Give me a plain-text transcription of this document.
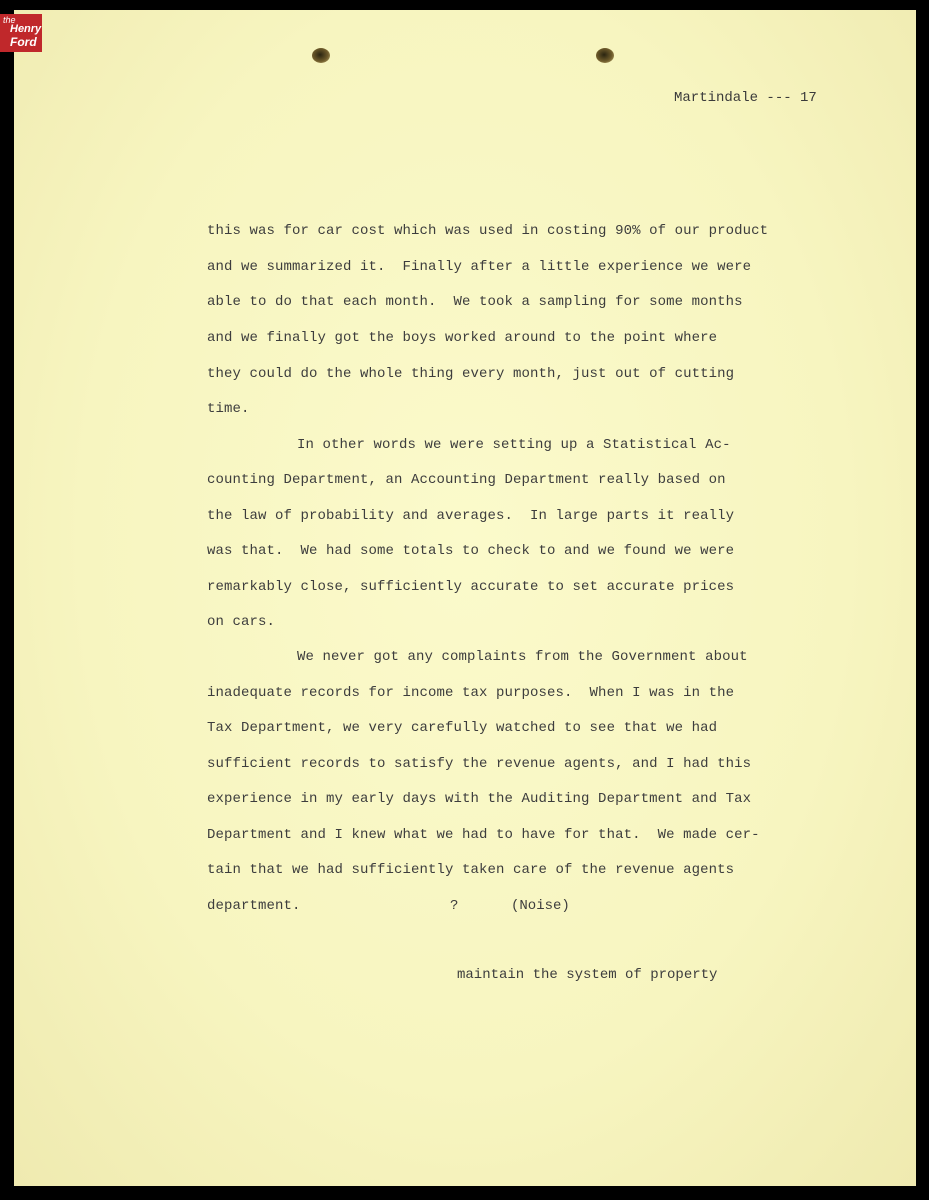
Martindale --- 17
this was for car cost which was used in costing 90% of our product
and we summarized it.  Finally after a little experience we were
able to do that each month.  We took a sampling for some months
and we finally got the boys worked around to the point where
they could do the whole thing every month, just out of cutting
time.
In other words we were setting up a Statistical Ac-
counting Department, an Accounting Department really based on
the law of probability and averages.  In large parts it really
was that.  We had some totals to check to and we found we were
remarkably close, sufficiently accurate to set accurate prices
on cars.
We never got any complaints from the Government about
inadequate records for income tax purposes.  When I was in the
Tax Department, we very carefully watched to see that we had
sufficient records to satisfy the revenue agents, and I had this
experience in my early days with the Auditing Department and Tax
Department and I knew what we had to have for that.  We made cer-
tain that we had sufficiently taken care of the revenue agents
department.	?	(Noise)
maintain the system of property
the
Henry
Ford
